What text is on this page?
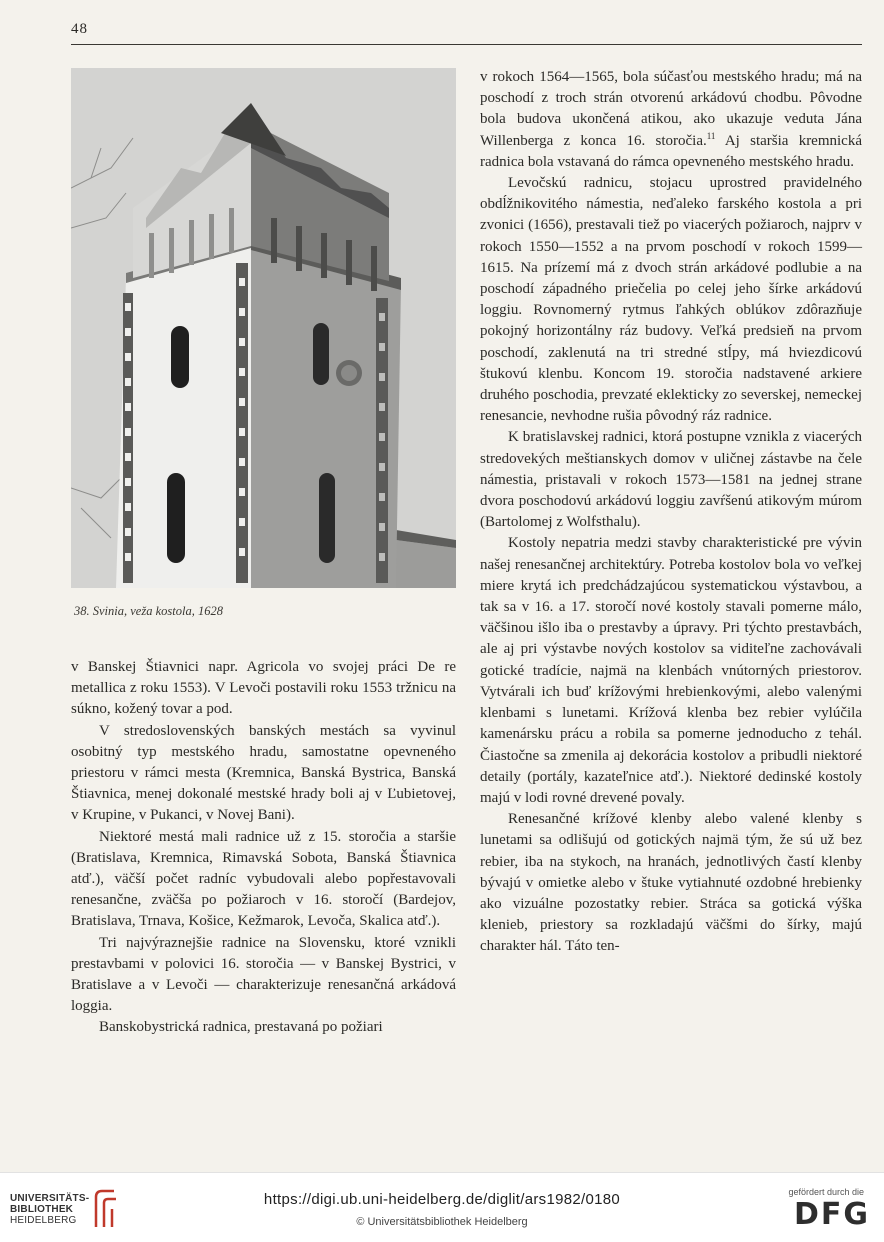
48
38. Svinia, veža kostola, 1628

v Banskej Štiavnici napr. Agricola vo svojej práci De re metallica z roku 1553). V Levoči postavili roku 1553 tržnicu na súkno, kožený tovar a pod.

V stredoslovenských banských mestách sa vyvinul osobitný typ mestského hradu, samostatne opevneného priestoru v rámci mesta (Kremnica, Banská Bystrica, Banská Štiavnica, menej dokonalé mestské hrady boli aj v Ľubietovej, v Krupine, v Pukanci, v Novej Bani).

Niektoré mestá mali radnice už z 15. storočia a staršie (Bratislava, Kremnica, Rimavská Sobota, Banská Štiavnica atď.), väčší počet radníc vybudovali alebo popřestavovali renesančne, zväčša po požiaroch v 16. storočí (Bardejov, Bratislava, Trnava, Košice, Kežmarok, Levoča, Skalica atď.).

Tri najvýraznejšie radnice na Slovensku, ktoré vznikli prestavbami v polovici 16. storočia — v Banskej Bystrici, v Bratislave a v Levoči — charakterizuje renesančná arkádová loggia.

Banskobystrická radnica, prestavaná po požiari

v rokoch 1564—1565, bola súčasťou mestského hradu; má na poschodí z troch strán otvorenú arkádovú chodbu. Pôvodne bola budova ukončená atikou, ako ukazuje veduta Jána Willenberga z konca 16. storočia.$^{11}$ Aj staršia kremnická radnica bola vstavaná do rámca opevneného mestského hradu.

Levočskú radnicu, stojacu uprostred pravidelného obdĺžnikovitého námestia, neďaleko farského kostola a pri zvonici (1656), prestavali tiež po viacerých požiaroch, najprv v rokoch 1550—1552 a na prvom poschodí v rokoch 1599—1615. Na prízemí má z dvoch strán arkádové podlubie a na poschodí západného priečelia po celej jeho šírke arkádovú loggiu. Rovnomerný rytmus ľahkých oblúkov zdôrazňuje pokojný horizontálny ráz budovy. Veľká predsieň na prvom poschodí, zaklenutá na tri stredné stĺpy, má hviezdicovú štukovú klenbu. Koncom 19. storočia nadstavené arkiere druhého poschodia, prevzaté eklekticky zo severskej, nemeckej renesancie, nevhodne rušia pôvodný ráz radnice.

K bratislavskej radnici, ktorá postupne vznikla z viacerých stredovekých meštianskych domov v uličnej zástavbe na čele námestia, pristavali v rokoch 1573—1581 na jednej strane dvora poschodovú arkádovú loggiu zavŕšenú atikovým múrom (Bartolomej z Wolfsthalu).

Kostoly nepatria medzi stavby charakteristické pre vývin našej renesančnej architektúry. Potreba kostolov bola vo veľkej miere krytá ich predchádzajúcou systematickou výstavbou, a tak sa v 16. a 17. storočí nové kostoly stavali pomerne málo, väčšinou išlo iba o prestavby a úpravy. Pri týchto prestavbách, ale aj pri výstavbe nových kostolov sa viditeľne zachovávali gotické tradície, najmä na klenbách vnútorných priestorov. Vytvárali ich buď krížovými hrebienkovými, alebo valenými klenbami s lunetami. Krížová klenba bez rebier vylúčila kamenársku prácu a robila sa pomerne jednoducho z tehál. Čiastočne sa zmenila aj dekorácia kostolov a pribudli niektoré detaily (portály, kazateľnice atď.). Niektoré dedinské kostoly majú v lodi rovné drevené povaly.

Renesančné krížové klenby alebo valené klenby s lunetami sa odlišujú od gotických najmä tým, že sú už bez rebier, iba na stykoch, na hranách, jednotlivých častí klenby bývajú v omietke alebo v štuke vytiahnuté ozdobné hrebienky ako vizuálne pozostatky rebier. Stráca sa gotická výška klenieb, priestory sa rozkladajú väčšmi do šírky, majú charakter hál. Táto ten-

UNIVERSITÄTS-
BIBLIOTHEK
HEIDELBERG
https://digi.ub.uni-heidelberg.de/diglit/ars1982/0180
© Universitätsbibliothek Heidelberg
gefördert durch die
DFG
